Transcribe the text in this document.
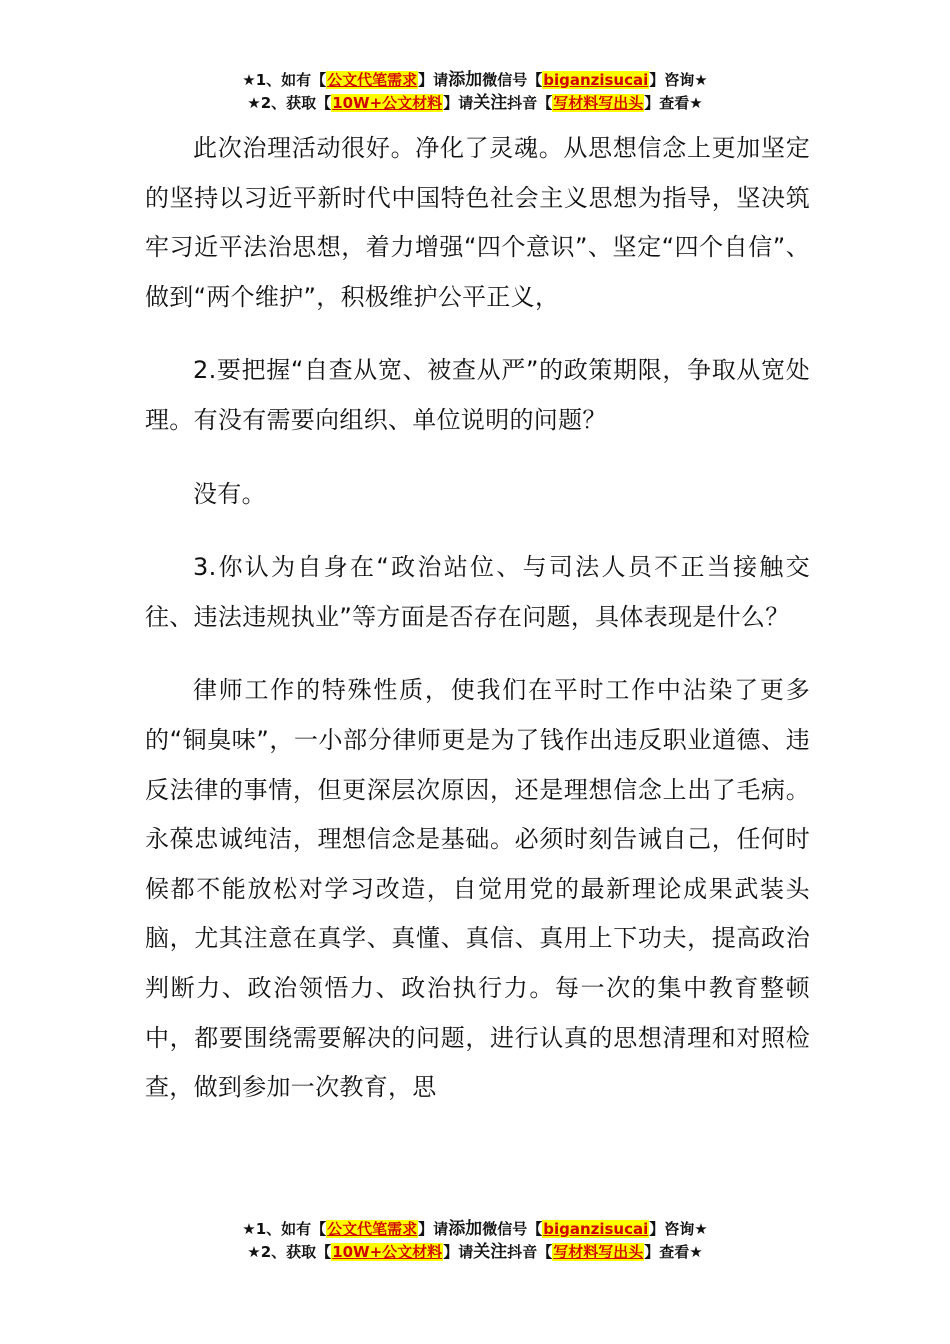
★1、如有【公文代笔需求】请添加微信号【biganzisucai】咨询★
★2、获取【10W+公文材料】请关注抖音【写材料写出头】查看★

此次治理活动很好。净化了灵魂。从思想信念上更加坚定的坚持以习近平新时代中国特色社会主义思想为指导，坚决筑牢习近平法治思想，着力增强“四个意识”、坚定“四个自信”、做到“两个维护”，积极维护公平正义，

2.要把握“自查从宽、被查从严”的政策期限，争取从宽处理。有没有需要向组织、单位说明的问题？

没有。

3.你认为自身在“政治站位、与司法人员不正当接触交往、违法违规执业”等方面是否存在问题，具体表现是什么？

律师工作的特殊性质，使我们在平时工作中沾染了更多的“铜臭味”，一小部分律师更是为了钱作出违反职业道德、违反法律的事情，但更深层次原因，还是理想信念上出了毛病。永葆忠诚纯洁，理想信念是基础。必须时刻告诫自己，任何时候都不能放松对学习改造，自觉用党的最新理论成果武装头脑，尤其注意在真学、真懂、真信、真用上下功夫，提高政治判断力、政治领悟力、政治执行力。每一次的集中教育整顿中，都要围绕需要解决的问题，进行认真的思想清理和对照检查，做到参加一次教育，思

★1、如有【公文代笔需求】请添加微信号【biganzisucai】咨询★
★2、获取【10W+公文材料】请关注抖音【写材料写出头】查看★
